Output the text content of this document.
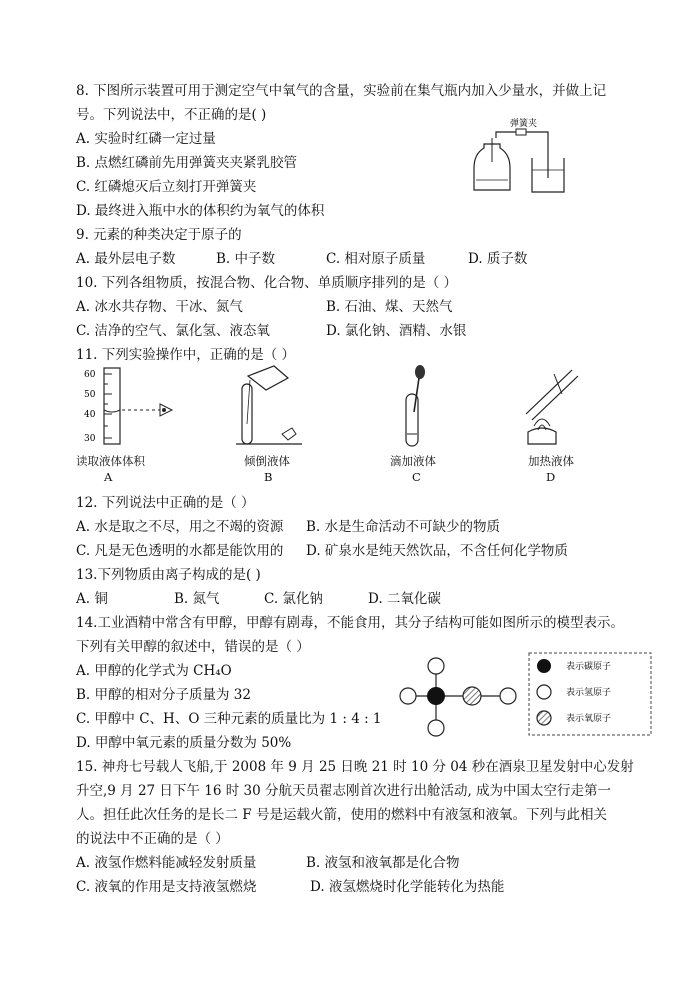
8. 下图所示装置可用于测定空气中氧气的含量，实验前在集气瓶内加入少量水，并做上记
号。下列说法中，不正确的是( )
A. 实验时红磷一定过量
B. 点燃红磷前先用弹簧夹夹紧乳胶管
C. 红磷熄灭后立刻打开弹簧夹
D. 最终进入瓶中水的体积约为氧气的体积
弹簧夹
9. 元素的种类决定于原子的
A. 最外层电子数	B. 中子数	C. 相对原子质量	D. 质子数
10. 下列各组物质，按混合物、化合物、单质顺序排列的是（ ）
A. 冰水共存物、干冰、氮气	B. 石油、煤、天然气
C. 洁净的空气、氯化氢、液态氧	D. 氯化钠、酒精、水银
11. 下列实验操作中，正确的是（ ）
60
50
40
30
读取液体体积
A
倾倒液体
B
滴加液体
C
加热液体
D
12. 下列说法中正确的是（ ）
A. 水是取之不尽，用之不竭的资源 B. 水是生命活动不可缺少的物质
C. 凡是无色透明的水都是能饮用的 D. 矿泉水是纯天然饮品，不含任何化学物质
13.下列物质由离子构成的是( )
A. 铜	B. 氮气	C. 氯化钠	D. 二氧化碳
14.工业酒精中常含有甲醇，甲醇有剧毒，不能食用，其分子结构可能如图所示的模型表示。
下列有关甲醇的叙述中，错误的是（ ）
A. 甲醇的化学式为 CH₄O
B. 甲醇的相对分子质量为 32
C. 甲醇中 C、H、O 三种元素的质量比为 1 : 4 : 1
D. 甲醇中氧元素的质量分数为 50%
表示碳原子
表示氢原子
表示氧原子
15. 神舟七号载人飞船,于 2008 年 9 月 25 日晚 21 时 10 分 04 秒在酒泉卫星发射中心发射
升空,9 月 27 日下午 16 时 30 分航天员翟志刚首次进行出舱活动, 成为中国太空行走第一
人。担任此次任务的是长二 F 号是运载火箭，使用的燃料中有液氢和液氧。下列与此相关
的说法中不正确的是（ ）
A. 液氢作燃料能减轻发射质量	B. 液氢和液氧都是化合物
C. 液氧的作用是支持液氢燃烧	D. 液氢燃烧时化学能转化为热能
